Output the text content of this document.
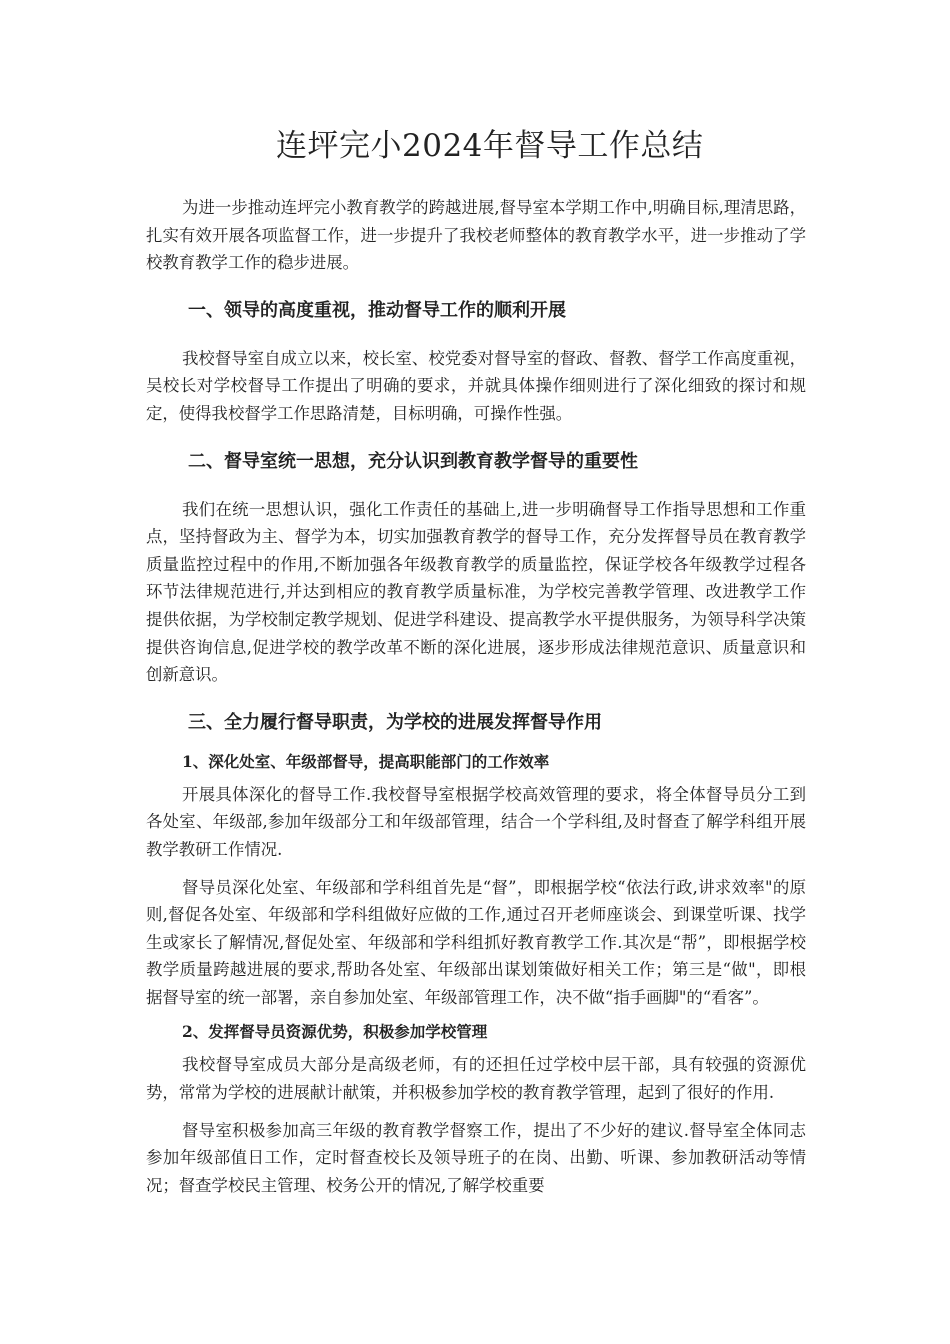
连坪完小2024年督导工作总结

为进一步推动连坪完小教育教学的跨越进展,督导室本学期工作中,明确目标,理清思路，扎实有效开展各项监督工作，进一步提升了我校老师整体的教育教学水平，进一步推动了学校教育教学工作的稳步进展。

一、领导的高度重视，推动督导工作的顺利开展

我校督导室自成立以来，校长室、校党委对督导室的督政、督教、督学工作高度重视，吴校长对学校督导工作提出了明确的要求，并就具体操作细则进行了深化细致的探讨和规定，使得我校督学工作思路清楚，目标明确，可操作性强。

二、督导室统一思想，充分认识到教育教学督导的重要性

我们在统一思想认识，强化工作责任的基础上,进一步明确督导工作指导思想和工作重点，坚持督政为主、督学为本，切实加强教育教学的督导工作，充分发挥督导员在教育教学质量监控过程中的作用,不断加强各年级教育教学的质量监控，保证学校各年级教学过程各环节法律规范进行,并达到相应的教育教学质量标准，为学校完善教学管理、改进教学工作提供依据，为学校制定教学规划、促进学科建设、提高教学水平提供服务，为领导科学决策提供咨询信息,促进学校的教学改革不断的深化进展，逐步形成法律规范意识、质量意识和创新意识。

三、全力履行督导职责，为学校的进展发挥督导作用
1、深化处室、年级部督导，提高职能部门的工作效率

开展具体深化的督导工作.我校督导室根据学校高效管理的要求，将全体督导员分工到各处室、年级部,参加年级部分工和年级部管理，结合一个学科组,及时督查了解学科组开展教学教研工作情况.

督导员深化处室、年级部和学科组首先是“督”，即根据学校“依法行政,讲求效率"的原则,督促各处室、年级部和学科组做好应做的工作,通过召开老师座谈会、到课堂听课、找学生或家长了解情况,督促处室、年级部和学科组抓好教育教学工作.其次是“帮”，即根据学校教学质量跨越进展的要求,帮助各处室、年级部出谋划策做好相关工作；第三是“做"，即根据督导室的统一部署，亲自参加处室、年级部管理工作，决不做“指手画脚"的“看客”。

2、发挥督导员资源优势，积极参加学校管理

我校督导室成员大部分是高级老师，有的还担任过学校中层干部，具有较强的资源优势，常常为学校的进展献计献策，并积极参加学校的教育教学管理，起到了很好的作用.

督导室积极参加高三年级的教育教学督察工作，提出了不少好的建议.督导室全体同志参加年级部值日工作，定时督查校长及领导班子的在岗、出勤、听课、参加教研活动等情况；督查学校民主管理、校务公开的情况,了解学校重要
